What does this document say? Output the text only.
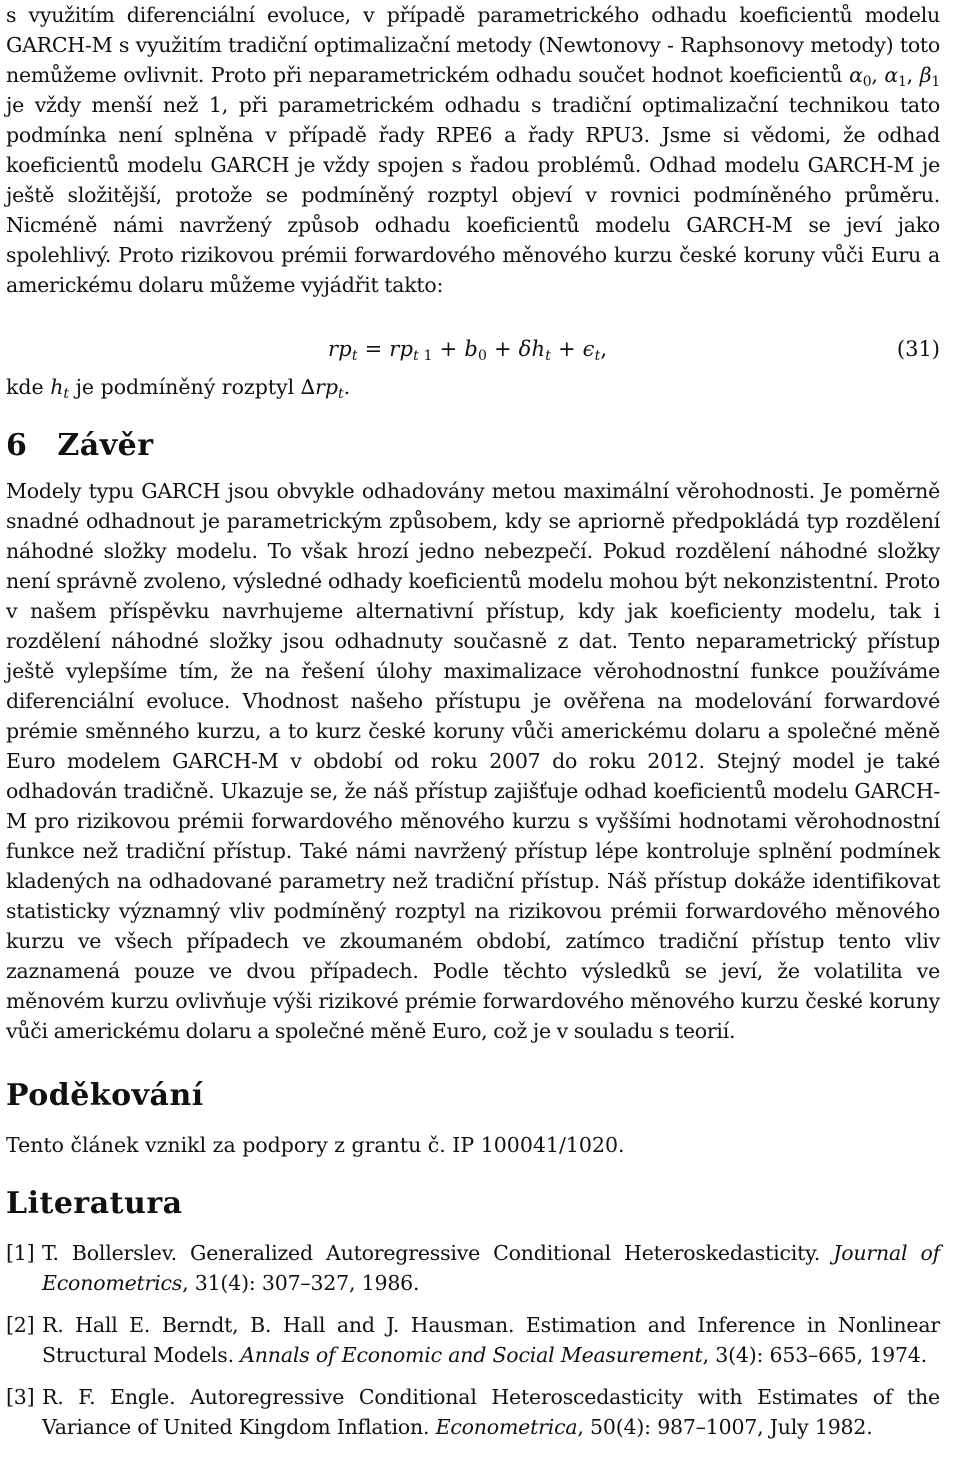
s využitím diferenciální evoluce, v případě parametrického odhadu koeficientů modelu GARCH-M s využitím tradiční optimalizační metody (Newtonovy - Raphsonovy metody) toto nemůžeme ovlivnit. Proto při neparametrickém odhadu součet hodnot koeficientů $\alpha_0$, $\alpha_1$, $\beta_1$ je vždy menší než 1, při parametrickém odhadu s tradiční optimalizační technikou tato podmínka není splněna v případě řady RPE6 a řady RPU3. Jsme si vědomi, že odhad koeficientů modelu GARCH je vždy spojen s řadou problémů. Odhad modelu GARCH-M je ještě složitější, protože se podmíněný rozptyl objeví v rovnici podmíněného průměru. Nicméně námi navržený způsob odhadu koeficientů modelu GARCH-M se jeví jako spolehlivý. Proto rizikovou prémii forwardového měnového kurzu české koruny vůči Euru a americkému dolaru můžeme vyjádřit takto:

$rp_t = rp_{t 1} + b_0 + \delta h_t + \epsilon_t$,	(31)

kde $h_t$ je podmíněný rozptyl $\Delta rp_t$.

6 Závěr

Modely typu GARCH jsou obvykle odhadovány metou maximální věrohodnosti. Je poměrně snadné odhadnout je parametrickým způsobem, kdy se apriorně předpokládá typ rozdělení náhodné složky modelu. To však hrozí jedno nebezpečí. Pokud rozdělení náhodné složky není správně zvoleno, výsledné odhady koeficientů modelu mohou být nekonzistentní. Proto v našem příspěvku navrhujeme alternativní přístup, kdy jak koeficienty modelu, tak i rozdělení náhodné složky jsou odhadnuty současně z dat. Tento neparametrický přístup ještě vylepšíme tím, že na řešení úlohy maximalizace věrohodnostní funkce používáme diferenciální evoluce. Vhodnost našeho přístupu je ověřena na modelování forwardové prémie směnného kurzu, a to kurz české koruny vůči americkému dolaru a společné měně Euro modelem GARCH-M v období od roku 2007 do roku 2012. Stejný model je také odhadován tradičně. Ukazuje se, že náš přístup zajišťuje odhad koeficientů modelu GARCH-M pro rizikovou prémii forwardového měnového kurzu s vyššími hodnotami věrohodnostní funkce než tradiční přístup. Také námi navržený přístup lépe kontroluje splnění podmínek kladených na odhadované parametry než tradiční přístup. Náš přístup dokáže identifikovat statisticky významný vliv podmíněný rozptyl na rizikovou prémii forwardového měnového kurzu ve všech případech ve zkoumaném období, zatímco tradiční přístup tento vliv zaznamená pouze ve dvou případech. Podle těchto výsledků se jeví, že volatilita ve měnovém kurzu ovlivňuje výši rizikové prémie forwardového měnového kurzu české koruny vůči americkému dolaru a společné měně Euro, což je v souladu s teorií.

Poděkování

Tento článek vznikl za podpory z grantu č. IP 100041/1020.

Literatura
[1] T. Bollerslev. Generalized Autoregressive Conditional Heteroskedasticity. Journal of Econometrics, 31(4): 307–327, 1986.
[2] R. Hall E. Berndt, B. Hall and J. Hausman. Estimation and Inference in Nonlinear Structural Models. Annals of Economic and Social Measurement, 3(4): 653–665, 1974.
[3] R. F. Engle. Autoregressive Conditional Heteroscedasticity with Estimates of the Variance of United Kingdom Inflation. Econometrica, 50(4): 987–1007, July 1982.
